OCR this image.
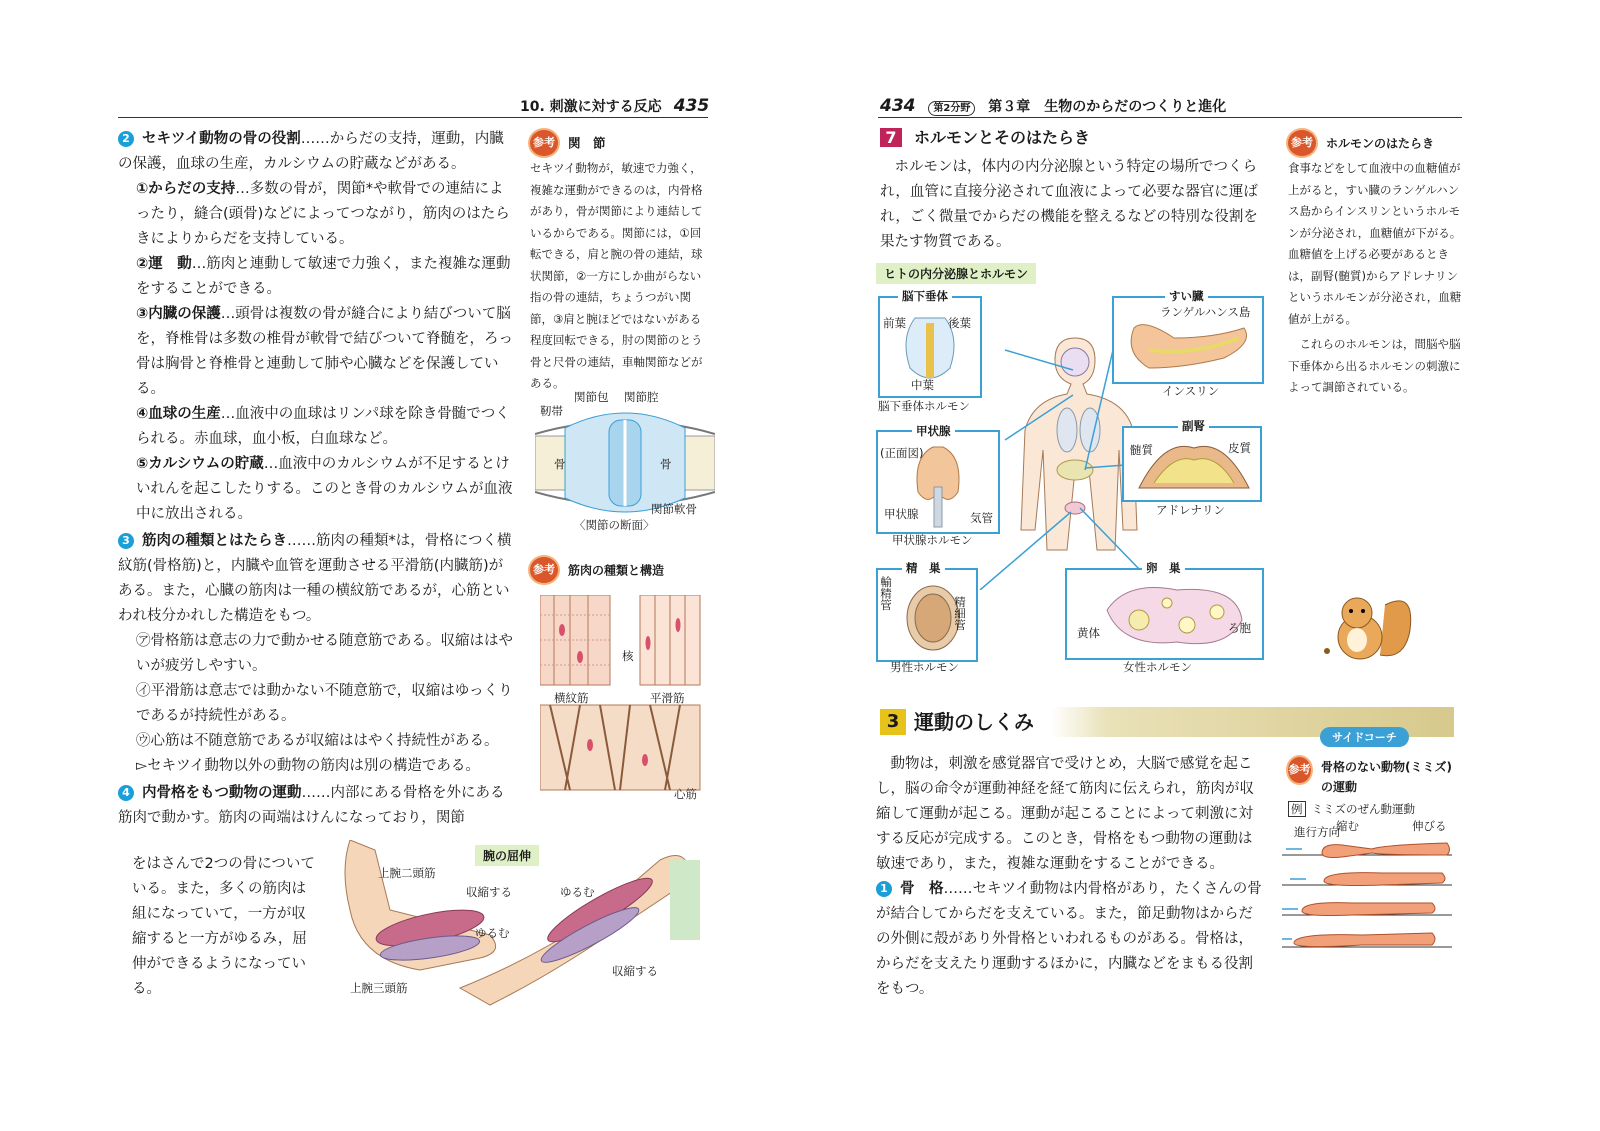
10. 刺激に対する反応 435
2 セキツイ動物の骨の役割……からだの支持，運動，内臓の保護，血球の生産，カルシウムの貯蔵などがある。
①からだの支持…多数の骨が，関節*や軟骨での連結によったり，縫合(頭骨)などによってつながり，筋肉のはたらきによりからだを支持している。
②運　動…筋肉と連動して敏速で力強く，また複雑な運動をすることができる。
③内臓の保護…頭骨は複数の骨が縫合により結びついて脳を，脊椎骨は多数の椎骨が軟骨で結びついて脊髄を，ろっ骨は胸骨と脊椎骨と連動して肺や心臓などを保護している。
④血球の生産…血液中の血球はリンパ球を除き骨髄でつくられる。赤血球，血小板，白血球など。
⑤カルシウムの貯蔵…血液中のカルシウムが不足するとけいれんを起こしたりする。このとき骨のカルシウムが血液中に放出される。
3 筋肉の種類とはたらき……筋肉の種類*は，骨格につく横紋筋(骨格筋)と，内臓や血管を運動させる平滑筋(内臓筋)がある。また，心臓の筋肉は一種の横紋筋であるが，心筋といわれ枝分かれした構造をもつ。
㋐骨格筋は意志の力で動かせる随意筋である。収縮ははやいが疲労しやすい。
㋑平滑筋は意志では動かない不随意筋で，収縮はゆっくりであるが持続性がある。
㋒心筋は不随意筋であるが収縮ははやく持続性がある。
▻セキツイ動物以外の動物の筋肉は別の構造である。
4 内骨格をもつ動物の運動……内部にある骨格を外にある筋肉で動かす。筋肉の両端はけんになっており，関節
をはさんで2つの骨についている。また，多くの筋肉は組になっていて，一方が収縮すると一方がゆるみ，屈伸ができるようになっている。
参考 関　節
セキツイ動物が，敏速で力強く，複雑な運動ができるのは，内骨格があり，骨が関節により連結しているからである。関節には，①回転できる，肩と腕の骨の連結，球状関節，②一方にしか曲がらない指の骨の連結，ちょうつがい関節，③肩と腕ほどではないがある程度回転できる，肘の関節のとう骨と尺骨の連結，車軸関節などがある。
靭帯
関節包 関節腔
骨	骨
関節軟骨
〈関節の断面〉
参考 筋肉の種類と構造
核
横紋筋	平滑筋
心筋
腕の屈伸
上腕二頭筋
収縮する
ゆるむ
上腕三頭筋
ゆるむ
収縮する
434 第2分野 第３章　生物のからだのつくりと進化
7 ホルモンとそのはたらき
ホルモンは，体内の内分泌腺という特定の場所でつくられ，血管に直接分泌されて血液によって必要な器官に運ばれ，ごく微量でからだの機能を整えるなどの特別な役割を果たす物質である。
ヒトの内分泌腺とホルモン
脳下垂体
前葉	後葉
中葉
脳下垂体ホルモン
甲状腺
(正面図)
甲状腺	気管
甲状腺ホルモン
精　巣
輸精管
精細管
男性ホルモン
すい臓
ランゲルハンス島
インスリン
副腎
髄質	皮質
アドレナリン
卵　巣
黄体	ろ胞
女性ホルモン
参考 ホルモンのはたらき
食事などをして血液中の血糖値が上がると，すい臓のランゲルハンス島からインスリンというホルモンが分泌され，血糖値が下がる。血糖値を上げる必要があるときは，副腎(髄質)からアドレナリンというホルモンが分泌され，血糖値が上がる。
これらのホルモンは，間脳や脳下垂体から出るホルモンの刺激によって調節されている。
3 運動のしくみ
サイドコーチ
動物は，刺激を感覚器官で受けとめ，大脳で感覚を起こし，脳の命令が運動神経を経て筋肉に伝えられ，筋肉が収縮して運動が起こる。運動が起こることによって刺激に対する反応が完成する。このとき，骨格をもつ動物の運動は敏速であり，また，複雑な運動をすることができる。
1 骨　格……セキツイ動物は内骨格があり，たくさんの骨が結合してからだを支えている。また，節足動物はからだの外側に殻があり外骨格といわれるものがある。骨格は，からだを支えたり運動するほかに，内臓などをまもる役割をもつ。
参考 骨格のない動物(ミミズ)の運動
例 ミミズのぜん動運動
進行方向
縮む	伸びる
